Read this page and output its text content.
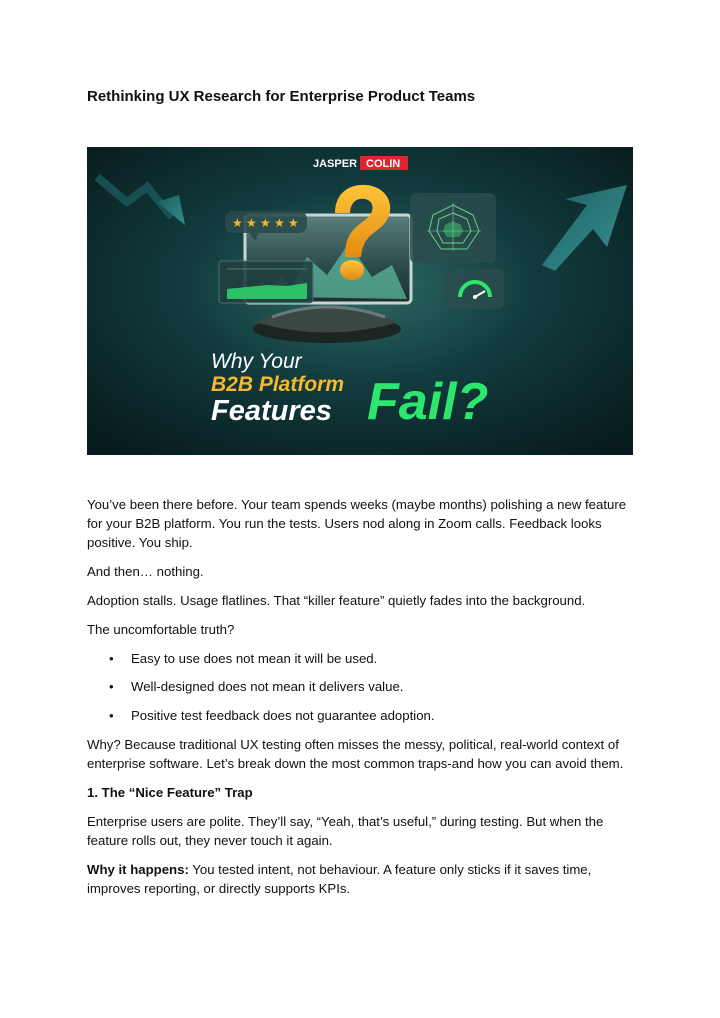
Rethinking UX Research for Enterprise Product Teams
JASPER COLIN
★ ★ ★ ★ ★
Why Your
B2B Platform
Features Fail?

You’ve been there before. Your team spends weeks (maybe months) polishing a new feature for your B2B platform. You run the tests. Users nod along in Zoom calls. Feedback looks positive. You ship.

And then… nothing.

Adoption stalls. Usage flatlines. That “killer feature” quietly fades into the background.

The uncomfortable truth?

• Easy to use does not mean it will be used.
• Well-designed does not mean it delivers value.
• Positive test feedback does not guarantee adoption.

Why? Because traditional UX testing often misses the messy, political, real-world context of enterprise software. Let’s break down the most common traps-and how you can avoid them.

1. The “Nice Feature” Trap

Enterprise users are polite. They’ll say, “Yeah, that’s useful,” during testing. But when the feature rolls out, they never touch it again.

Why it happens: You tested intent, not behaviour. A feature only sticks if it saves time, improves reporting, or directly supports KPIs.
